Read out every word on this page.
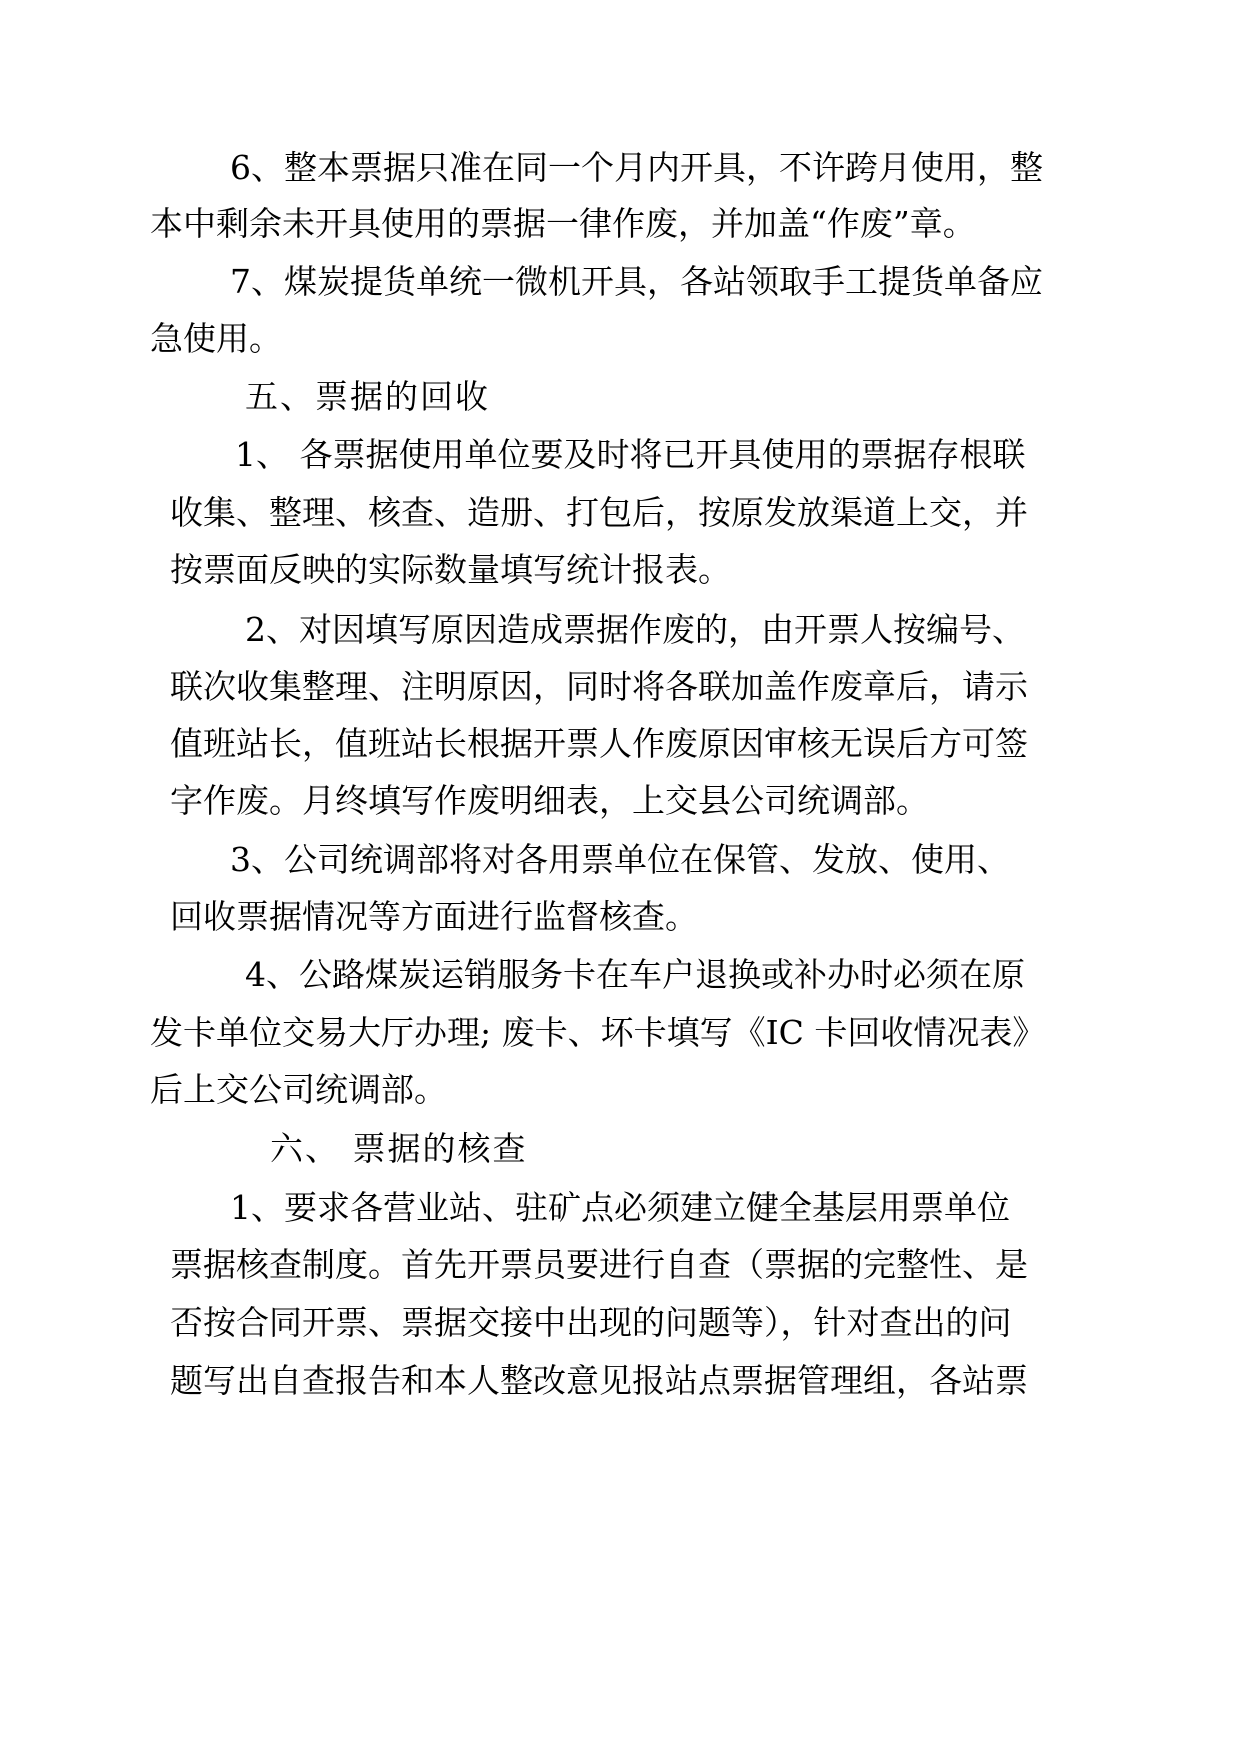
6、整本票据只准在同一个月内开具，不许跨月使用，整

本中剩余未开具使用的票据一律作废，并加盖“作废”章。

7、煤炭提货单统一微机开具，各站领取手工提货单备应

急使用。

五、票据的回收

1、 各票据使用单位要及时将已开具使用的票据存根联

收集、整理、核查、造册、打包后，按原发放渠道上交，并

按票面反映的实际数量填写统计报表。

2、对因填写原因造成票据作废的，由开票人按编号、

联次收集整理、注明原因，同时将各联加盖作废章后，请示

值班站长，值班站长根据开票人作废原因审核无误后方可签

字作废。月终填写作废明细表，上交县公司统调部。

3、公司统调部将对各用票单位在保管、发放、使用、

回收票据情况等方面进行监督核查。

4、公路煤炭运销服务卡在车户退换或补办时必须在原

发卡单位交易大厅办理; 废卡、坏卡填写《IC 卡回收情况表》

后上交公司统调部。

六、 票据的核查

1、要求各营业站、驻矿点必须建立健全基层用票单位

票据核查制度。首先开票员要进行自查（票据的完整性、是

否按合同开票、票据交接中出现的问题等），针对查出的问

题写出自查报告和本人整改意见报站点票据管理组，各站票
